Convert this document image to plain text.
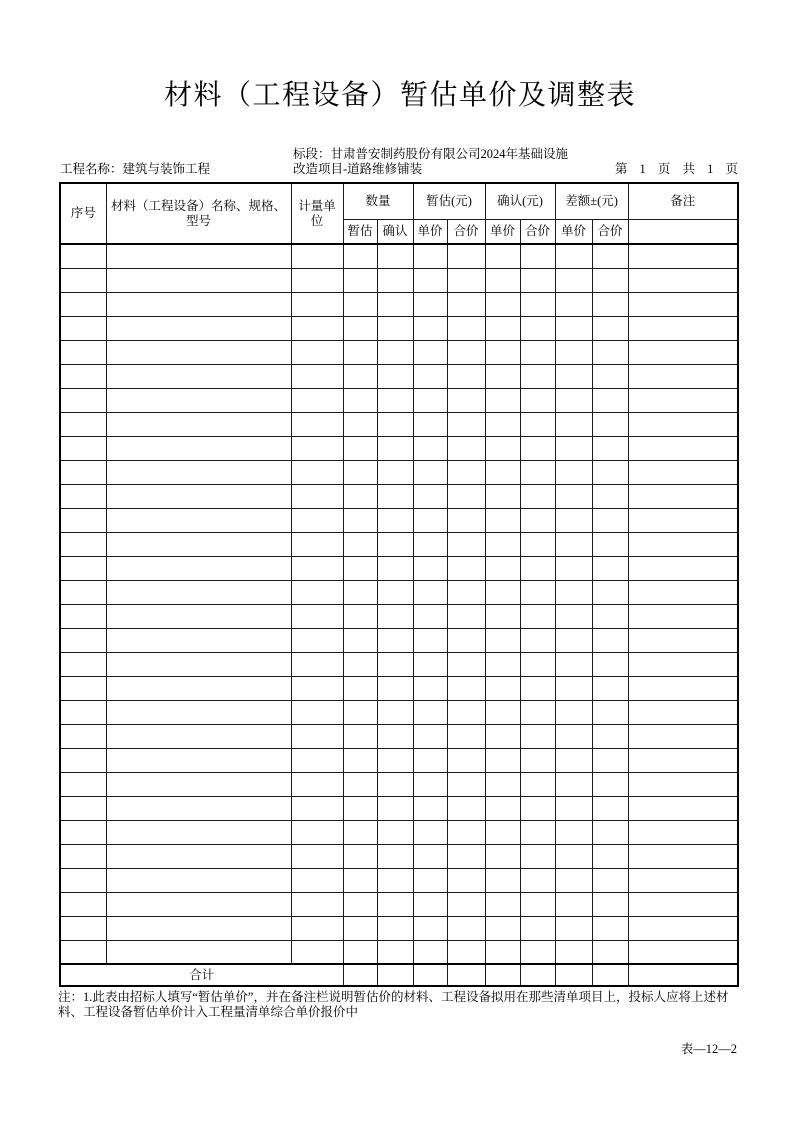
材料（工程设备）暂估单价及调整表
工程名称：建筑与装饰工程
标段：甘肃普安制药股份有限公司2024年基础设施改造项目-道路维修铺装	第 1 页 共 1 页
序号	材料（工程设备）名称、规格、型号	计量单位	数量		暂估(元)		确认(元)		差额±(元)		备注
			暂估	确认	单价	合价	单价	合价	单价	合价	

合计											
注：1.此表由招标人填写“暂估单价”，并在备注栏说明暂估价的材料、工程设备拟用在那些清单项目上，投标人应将上述材料、工程设备暂估单价计入工程量清单综合单价报价中
表—12—2
